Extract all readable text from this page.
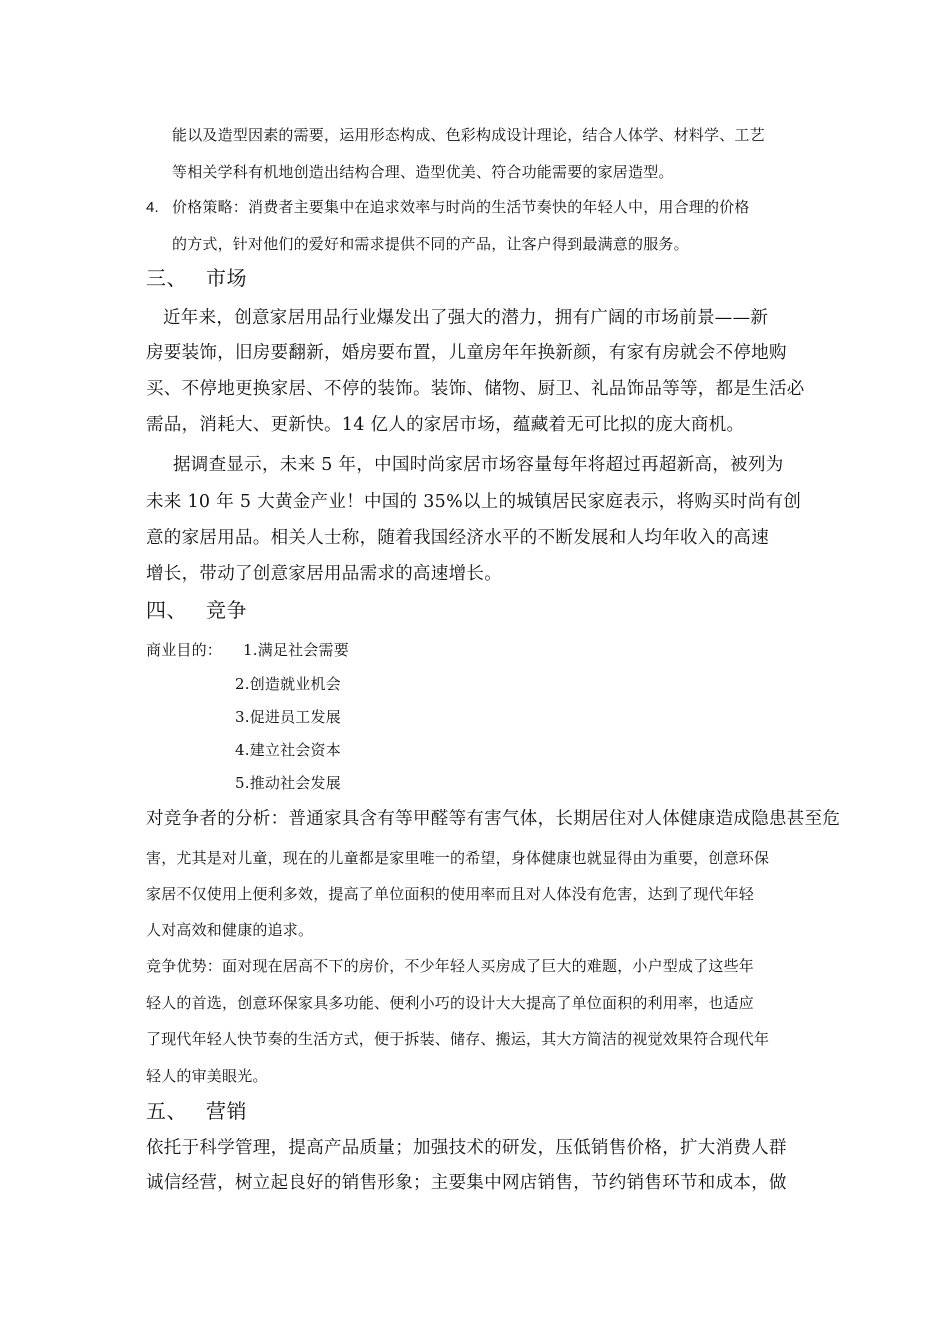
能以及造型因素的需要，运用形态构成、色彩构成设计理论，结合人体学、材料学、工艺

等相关学科有机地创造出结构合理、造型优美、符合功能需要的家居造型。

4. 价格策略：消费者主要集中在追求效率与时尚的生活节奏快的年轻人中，用合理的价格

的方式，针对他们的爱好和需求提供不同的产品，让客户得到最满意的服务。

三、 市场

近年来，创意家居用品行业爆发出了强大的潜力，拥有广阔的市场前景——新

房要装饰，旧房要翻新，婚房要布置，儿童房年年换新颜，有家有房就会不停地购

买、不停地更换家居、不停的装饰。装饰、储物、厨卫、礼品饰品等等，都是生活必

需品，消耗大、更新快。14 亿人的家居市场，蕴藏着无可比拟的庞大商机。

据调查显示，未来 5 年，中国时尚家居市场容量每年将超过再超新高，被列为

未来 10 年 5 大黄金产业！中国的 35%以上的城镇居民家庭表示，将购买时尚有创

意的家居用品。相关人士称，随着我国经济水平的不断发展和人均年收入的高速

增长，带动了创意家居用品需求的高速增长。

四、 竞争

商业目的： 1.满足社会需要

2.创造就业机会

3.促进员工发展

4.建立社会资本

5.推动社会发展

对竞争者的分析：普通家具含有等甲醛等有害气体，长期居住对人体健康造成隐患甚至危

害，尤其是对儿童，现在的儿童都是家里唯一的希望，身体健康也就显得由为重要，创意环保

家居不仅使用上便利多效，提高了单位面积的使用率而且对人体没有危害，达到了现代年轻

人对高效和健康的追求。

竞争优势：面对现在居高不下的房价，不少年轻人买房成了巨大的难题，小户型成了这些年

轻人的首选，创意环保家具多功能、便利小巧的设计大大提高了单位面积的利用率，也适应

了现代年轻人快节奏的生活方式，便于拆装、储存、搬运，其大方简洁的视觉效果符合现代年

轻人的审美眼光。

五、 营销

依托于科学管理，提高产品质量；加强技术的研发，压低销售价格，扩大消费人群

诚信经营，树立起良好的销售形象；主要集中网店销售，节约销售环节和成本，做
